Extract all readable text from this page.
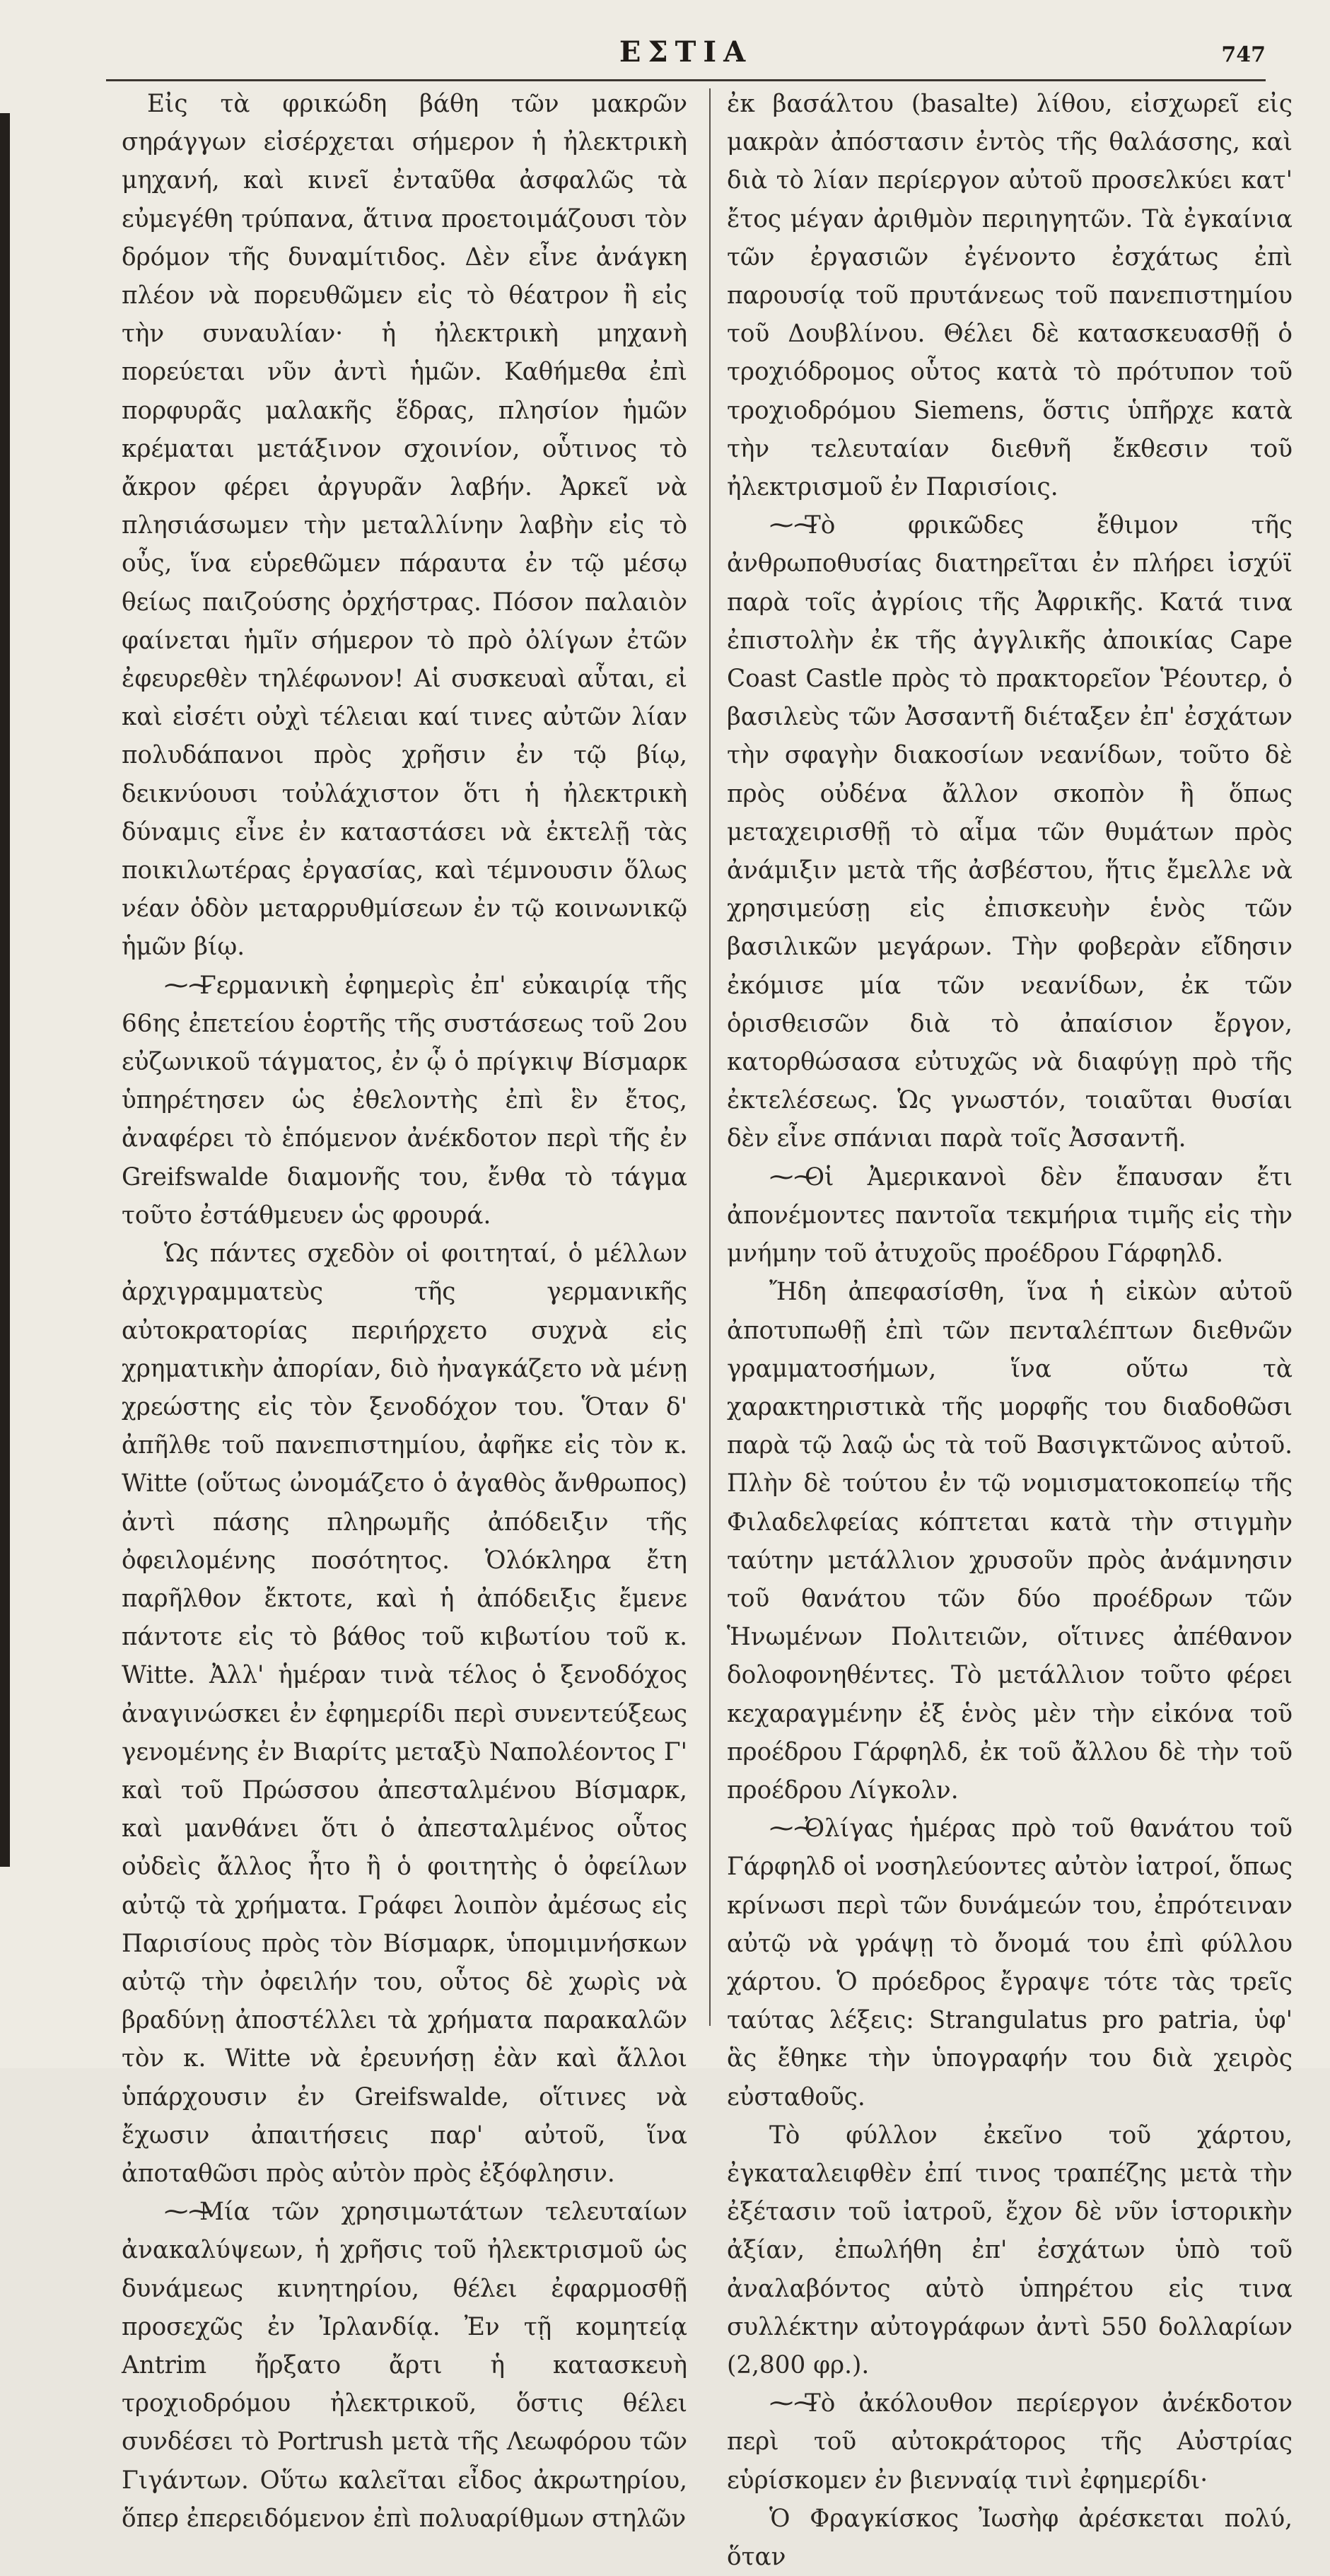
ΕΣΤΙΑ	747

Εἰς τὰ φρικώδη βάθη τῶν μακρῶν σηράγγων εἰσέρχεται σήμερον ἡ ἠλεκτρικὴ μηχανή, καὶ κινεῖ ἐνταῦθα ἀσφαλῶς τὰ εὐμεγέθη τρύπανα, ἅτινα προετοιμάζουσι τὸν δρόμον τῆς δυναμίτιδος. Δὲν εἶνε ἀνάγκη πλέον νὰ πορευθῶμεν εἰς τὸ θέατρον ἢ εἰς τὴν συναυλίαν· ἡ ἠλεκτρικὴ μηχανὴ πορεύεται νῦν ἀντὶ ἡμῶν. Καθήμεθα ἐπὶ πορφυρᾶς μαλακῆς ἕδρας, πλησίον ἡμῶν κρέμαται μετάξινον σχοινίον, οὗτινος τὸ ἄκρον φέρει ἀργυρᾶν λαβήν. Ἀρκεῖ νὰ πλησιάσωμεν τὴν μεταλλίνην λαβὴν εἰς τὸ οὖς, ἵνα εὑρεθῶμεν πάραυτα ἐν τῷ μέσῳ θείως παιζούσης ὀρχήστρας. Πόσον παλαιὸν φαίνεται ἡμῖν σήμερον τὸ πρὸ ὀλίγων ἐτῶν ἐφευρεθὲν τηλέφωνον! Αἱ συσκευαὶ αὗται, εἰ καὶ εἰσέτι οὐχὶ τέλειαι καί τινες αὐτῶν λίαν πολυδάπανοι πρὸς χρῆσιν ἐν τῷ βίῳ, δεικνύουσι τοὐλάχιστον ὅτι ἡ ἠλεκτρικὴ δύναμις εἶνε ἐν καταστάσει νὰ ἐκτελῇ τὰς ποικιλωτέρας ἐργασίας, καὶ τέμνουσιν ὅλως νέαν ὁδὸν μεταρρυθμίσεων ἐν τῷ κοινωνικῷ ἡμῶν βίῳ.

⁓⁓Γερμανικὴ ἐφημερὶς ἐπ' εὐκαιρίᾳ τῆς 66ης ἐπετείου ἑορτῆς τῆς συστάσεως τοῦ 2ου εὐζωνικοῦ τάγματος, ἐν ᾧ ὁ πρίγκιψ Βίσμαρκ ὑπηρέτησεν ὡς ἐθελοντὴς ἐπὶ ἓν ἔτος, ἀναφέρει τὸ ἑπόμενον ἀνέκδοτον περὶ τῆς ἐν Greifswalde διαμονῆς του, ἔνθα τὸ τάγμα τοῦτο ἐστάθμευεν ὡς φρουρά.

Ὡς πάντες σχεδὸν οἱ φοιτηταί, ὁ μέλλων ἀρχιγραμματεὺς τῆς γερμανικῆς αὐτοκρατορίας περιήρχετο συχνὰ εἰς χρηματικὴν ἀπορίαν, διὸ ἠναγκάζετο νὰ μένῃ χρεώστης εἰς τὸν ξενοδόχον του. Ὅταν δ' ἀπῆλθε τοῦ πανεπιστημίου, ἀφῆκε εἰς τὸν κ. Witte (οὕτως ὠνομάζετο ὁ ἀγαθὸς ἄνθρωπος) ἀντὶ πάσης πληρωμῆς ἀπόδειξιν τῆς ὀφειλομένης ποσότητος. Ὁλόκληρα ἔτη παρῆλθον ἔκτοτε, καὶ ἡ ἀπόδειξις ἔμενε πάντοτε εἰς τὸ βάθος τοῦ κιβωτίου τοῦ κ. Witte. Ἀλλ' ἡμέραν τινὰ τέλος ὁ ξενοδόχος ἀναγινώσκει ἐν ἐφημερίδι περὶ συνεντεύξεως γενομένης ἐν Βιαρίτς μεταξὺ Ναπολέοντος Γ' καὶ τοῦ Πρώσσου ἀπεσταλμένου Βίσμαρκ, καὶ μανθάνει ὅτι ὁ ἀπεσταλμένος οὗτος οὐδεὶς ἄλλος ἦτο ἢ ὁ φοιτητὴς ὁ ὀφείλων αὐτῷ τὰ χρήματα. Γράφει λοιπὸν ἀμέσως εἰς Παρισίους πρὸς τὸν Βίσμαρκ, ὑπομιμνήσκων αὐτῷ τὴν ὀφειλήν του, οὗτος δὲ χωρὶς νὰ βραδύνῃ ἀποστέλλει τὰ χρήματα παρακαλῶν τὸν κ. Witte νὰ ἐρευνήσῃ ἐὰν καὶ ἄλλοι ὑπάρχουσιν ἐν Greifswalde, οἵτινες νὰ ἔχωσιν ἀπαιτήσεις παρ' αὐτοῦ, ἵνα ἀποταθῶσι πρὸς αὐτὸν πρὸς ἐξόφλησιν.

⁓⁓Μία τῶν χρησιμωτάτων τελευταίων ἀνακαλύψεων, ἡ χρῆσις τοῦ ἠλεκτρισμοῦ ὡς δυνάμεως κινητηρίου, θέλει ἐφαρμοσθῇ προσεχῶς ἐν Ἰρλανδίᾳ. Ἐν τῇ κομητείᾳ Antrim ἤρξατο ἄρτι ἡ κατασκευὴ τροχιοδρόμου ἠλεκτρικοῦ, ὅστις θέλει συνδέσει τὸ Portrush μετὰ τῆς Λεωφόρου τῶν Γιγάντων. Οὕτω καλεῖται εἶδος ἀκρωτηρίου, ὅπερ ἐπερειδόμενον ἐπὶ πολυαρίθμων στηλῶν

ἐκ βασάλτου (basalte) λίθου, εἰσχωρεῖ εἰς μακρὰν ἀπόστασιν ἐντὸς τῆς θαλάσσης, καὶ διὰ τὸ λίαν περίεργον αὐτοῦ προσελκύει κατ' ἔτος μέγαν ἀριθμὸν περιηγητῶν. Τὰ ἐγκαίνια τῶν ἐργασιῶν ἐγένοντο ἐσχάτως ἐπὶ παρουσίᾳ τοῦ πρυτάνεως τοῦ πανεπιστημίου τοῦ Δουβλίνου. Θέλει δὲ κατασκευασθῇ ὁ τροχιόδρομος οὗτος κατὰ τὸ πρότυπον τοῦ τροχιοδρόμου Siemens, ὅστις ὑπῆρχε κατὰ τὴν τελευταίαν διεθνῆ ἔκθεσιν τοῦ ἠλεκτρισμοῦ ἐν Παρισίοις.

⁓⁓Τὸ φρικῶδες ἔθιμον τῆς ἀνθρωποθυσίας διατηρεῖται ἐν πλήρει ἰσχύϊ παρὰ τοῖς ἀγρίοις τῆς Ἀφρικῆς. Κατά τινα ἐπιστολὴν ἐκ τῆς ἀγγλικῆς ἀποικίας Cape Coast Castle πρὸς τὸ πρακτορεῖον Ῥέουτερ, ὁ βασιλεὺς τῶν Ἀσσαντῆ διέταξεν ἐπ' ἐσχάτων τὴν σφαγὴν διακοσίων νεανίδων, τοῦτο δὲ πρὸς οὐδένα ἄλλον σκοπὸν ἢ ὅπως μεταχειρισθῇ τὸ αἷμα τῶν θυμάτων πρὸς ἀνάμιξιν μετὰ τῆς ἀσβέστου, ἥτις ἔμελλε νὰ χρησιμεύσῃ εἰς ἐπισκευὴν ἑνὸς τῶν βασιλικῶν μεγάρων. Τὴν φοβερὰν εἴδησιν ἐκόμισε μία τῶν νεανίδων, ἐκ τῶν ὁρισθεισῶν διὰ τὸ ἀπαίσιον ἔργον, κατορθώσασα εὐτυχῶς νὰ διαφύγῃ πρὸ τῆς ἐκτελέσεως. Ὡς γνωστόν, τοιαῦται θυσίαι δὲν εἶνε σπάνιαι παρὰ τοῖς Ἀσσαντῆ.

⁓⁓Οἱ Ἀμερικανοὶ δὲν ἔπαυσαν ἔτι ἀπονέμοντες παντοῖα τεκμήρια τιμῆς εἰς τὴν μνήμην τοῦ ἀτυχοῦς προέδρου Γάρφηλδ.

Ἤδη ἀπεφασίσθη, ἵνα ἡ εἰκὼν αὐτοῦ ἀποτυπωθῇ ἐπὶ τῶν πενταλέπτων διεθνῶν γραμματοσήμων, ἵνα οὕτω τὰ χαρακτηριστικὰ τῆς μορφῆς του διαδοθῶσι παρὰ τῷ λαῷ ὡς τὰ τοῦ Βασιγκτῶνος αὐτοῦ. Πλὴν δὲ τούτου ἐν τῷ νομισματοκοπείῳ τῆς Φιλαδελφείας κόπτεται κατὰ τὴν στιγμὴν ταύτην μετάλλιον χρυσοῦν πρὸς ἀνάμνησιν τοῦ θανάτου τῶν δύο προέδρων τῶν Ἡνωμένων Πολιτειῶν, οἵτινες ἀπέθανον δολοφονηθέντες. Τὸ μετάλλιον τοῦτο φέρει κεχαραγμένην ἐξ ἑνὸς μὲν τὴν εἰκόνα τοῦ προέδρου Γάρφηλδ, ἐκ τοῦ ἄλλου δὲ τὴν τοῦ προέδρου Λίγκολν.

⁓⁓Ὀλίγας ἡμέρας πρὸ τοῦ θανάτου τοῦ Γάρφηλδ οἱ νοσηλεύοντες αὐτὸν ἰατροί, ὅπως κρίνωσι περὶ τῶν δυνάμεών του, ἐπρότειναν αὐτῷ νὰ γράψῃ τὸ ὄνομά του ἐπὶ φύλλου χάρτου. Ὁ πρόεδρος ἔγραψε τότε τὰς τρεῖς ταύτας λέξεις: Strangulatus pro patria, ὑφ' ἃς ἔθηκε τὴν ὑπογραφήν του διὰ χειρὸς εὐσταθοῦς.

Τὸ φύλλον ἐκεῖνο τοῦ χάρτου, ἐγκαταλειφθὲν ἐπί τινος τραπέζης μετὰ τὴν ἐξέτασιν τοῦ ἰατροῦ, ἔχον δὲ νῦν ἱστορικὴν ἀξίαν, ἐπωλήθη ἐπ' ἐσχάτων ὑπὸ τοῦ ἀναλαβόντος αὐτὸ ὑπηρέτου εἰς τινα συλλέκτην αὐτογράφων ἀντὶ 550 δολλαρίων (2,800 φρ.).

⁓⁓Τὸ ἀκόλουθον περίεργον ἀνέκδοτον περὶ τοῦ αὐτοκράτορος τῆς Αὐστρίας εὑρίσκομεν ἐν βιενναίᾳ τινὶ ἐφημερίδι·

Ὁ Φραγκίσκος Ἰωσὴφ ἀρέσκεται πολύ, ὅταν
